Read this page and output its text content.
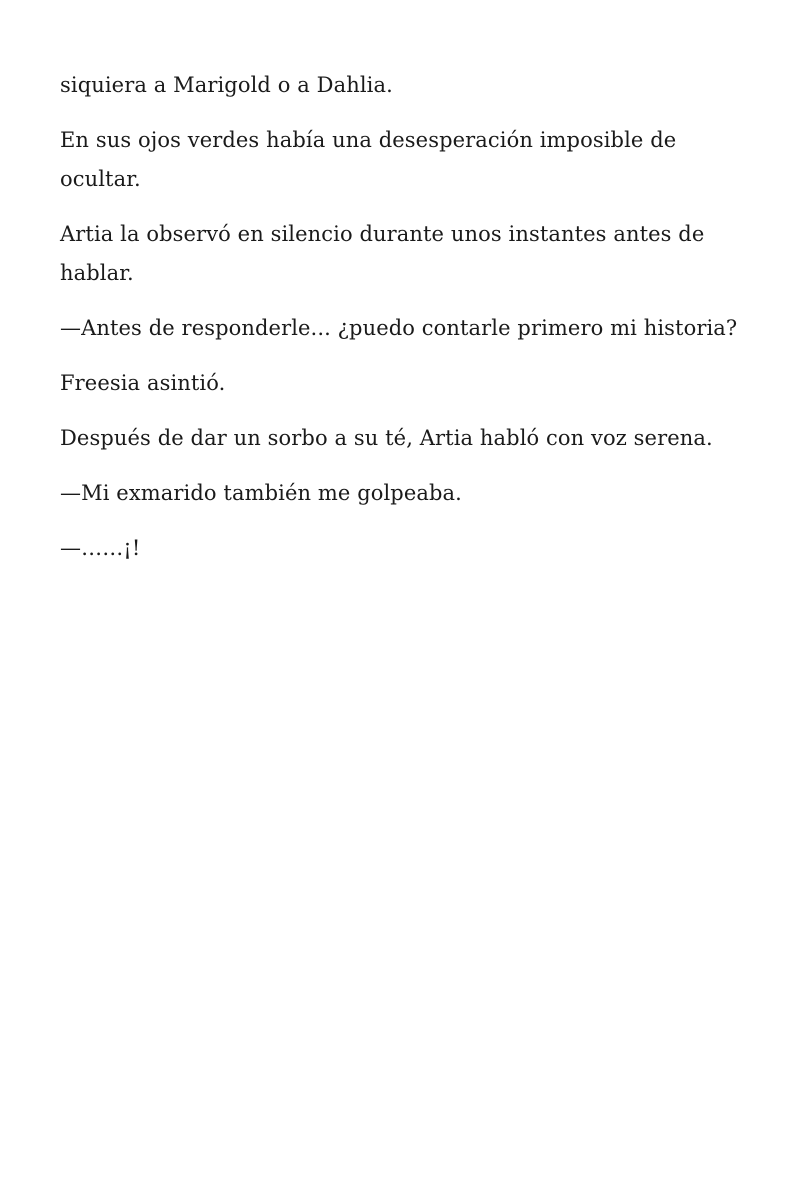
siquiera a Marigold o a Dahlia.

En sus ojos verdes había una desesperación imposible de ocultar.

Artia la observó en silencio durante unos instantes antes de hablar.

—Antes de responderle... ¿puedo contarle primero mi historia?

Freesia asintió.

Después de dar un sorbo a su té, Artia habló con voz serena.

—Mi exmarido también me golpeaba.

—……¡!
